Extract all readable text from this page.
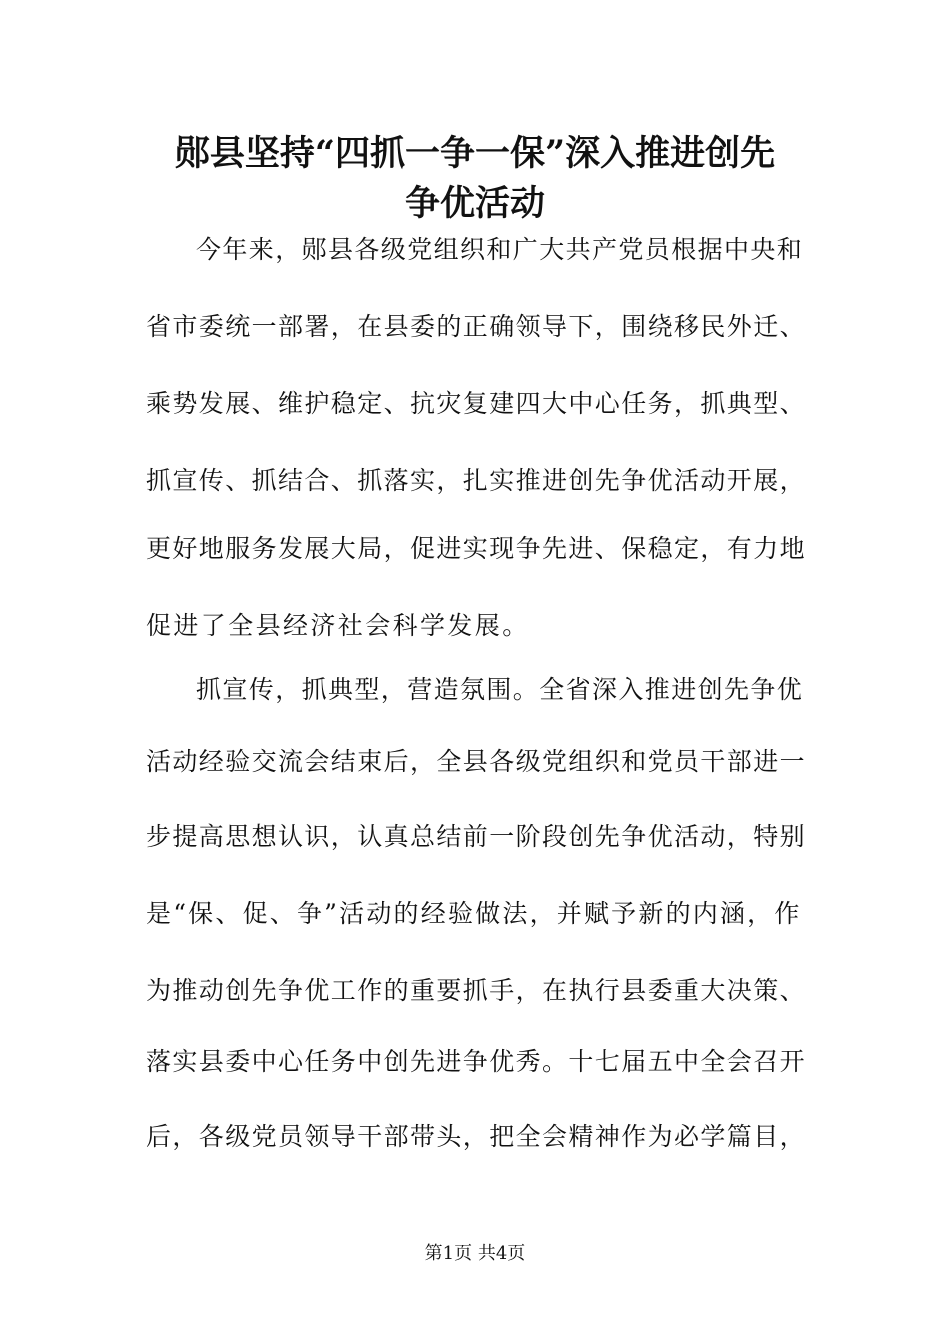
郧县坚持“四抓一争一保”深入推进创先
争优活动

今年来，郧县各级党组织和广大共产党员根据中央和

省市委统一部署，在县委的正确领导下，围绕移民外迁、

乘势发展、维护稳定、抗灾复建四大中心任务，抓典型、

抓宣传、抓结合、抓落实，扎实推进创先争优活动开展，

更好地服务发展大局，促进实现争先进、保稳定，有力地

促进了全县经济社会科学发展。

抓宣传，抓典型，营造氛围。全省深入推进创先争优

活动经验交流会结束后，全县各级党组织和党员干部进一

步提高思想认识，认真总结前一阶段创先争优活动，特别

是“保、促、争”活动的经验做法，并赋予新的内涵，作

为推动创先争优工作的重要抓手，在执行县委重大决策、

落实县委中心任务中创先进争优秀。十七届五中全会召开

后，各级党员领导干部带头，把全会精神作为必学篇目，

第1页 共4页
